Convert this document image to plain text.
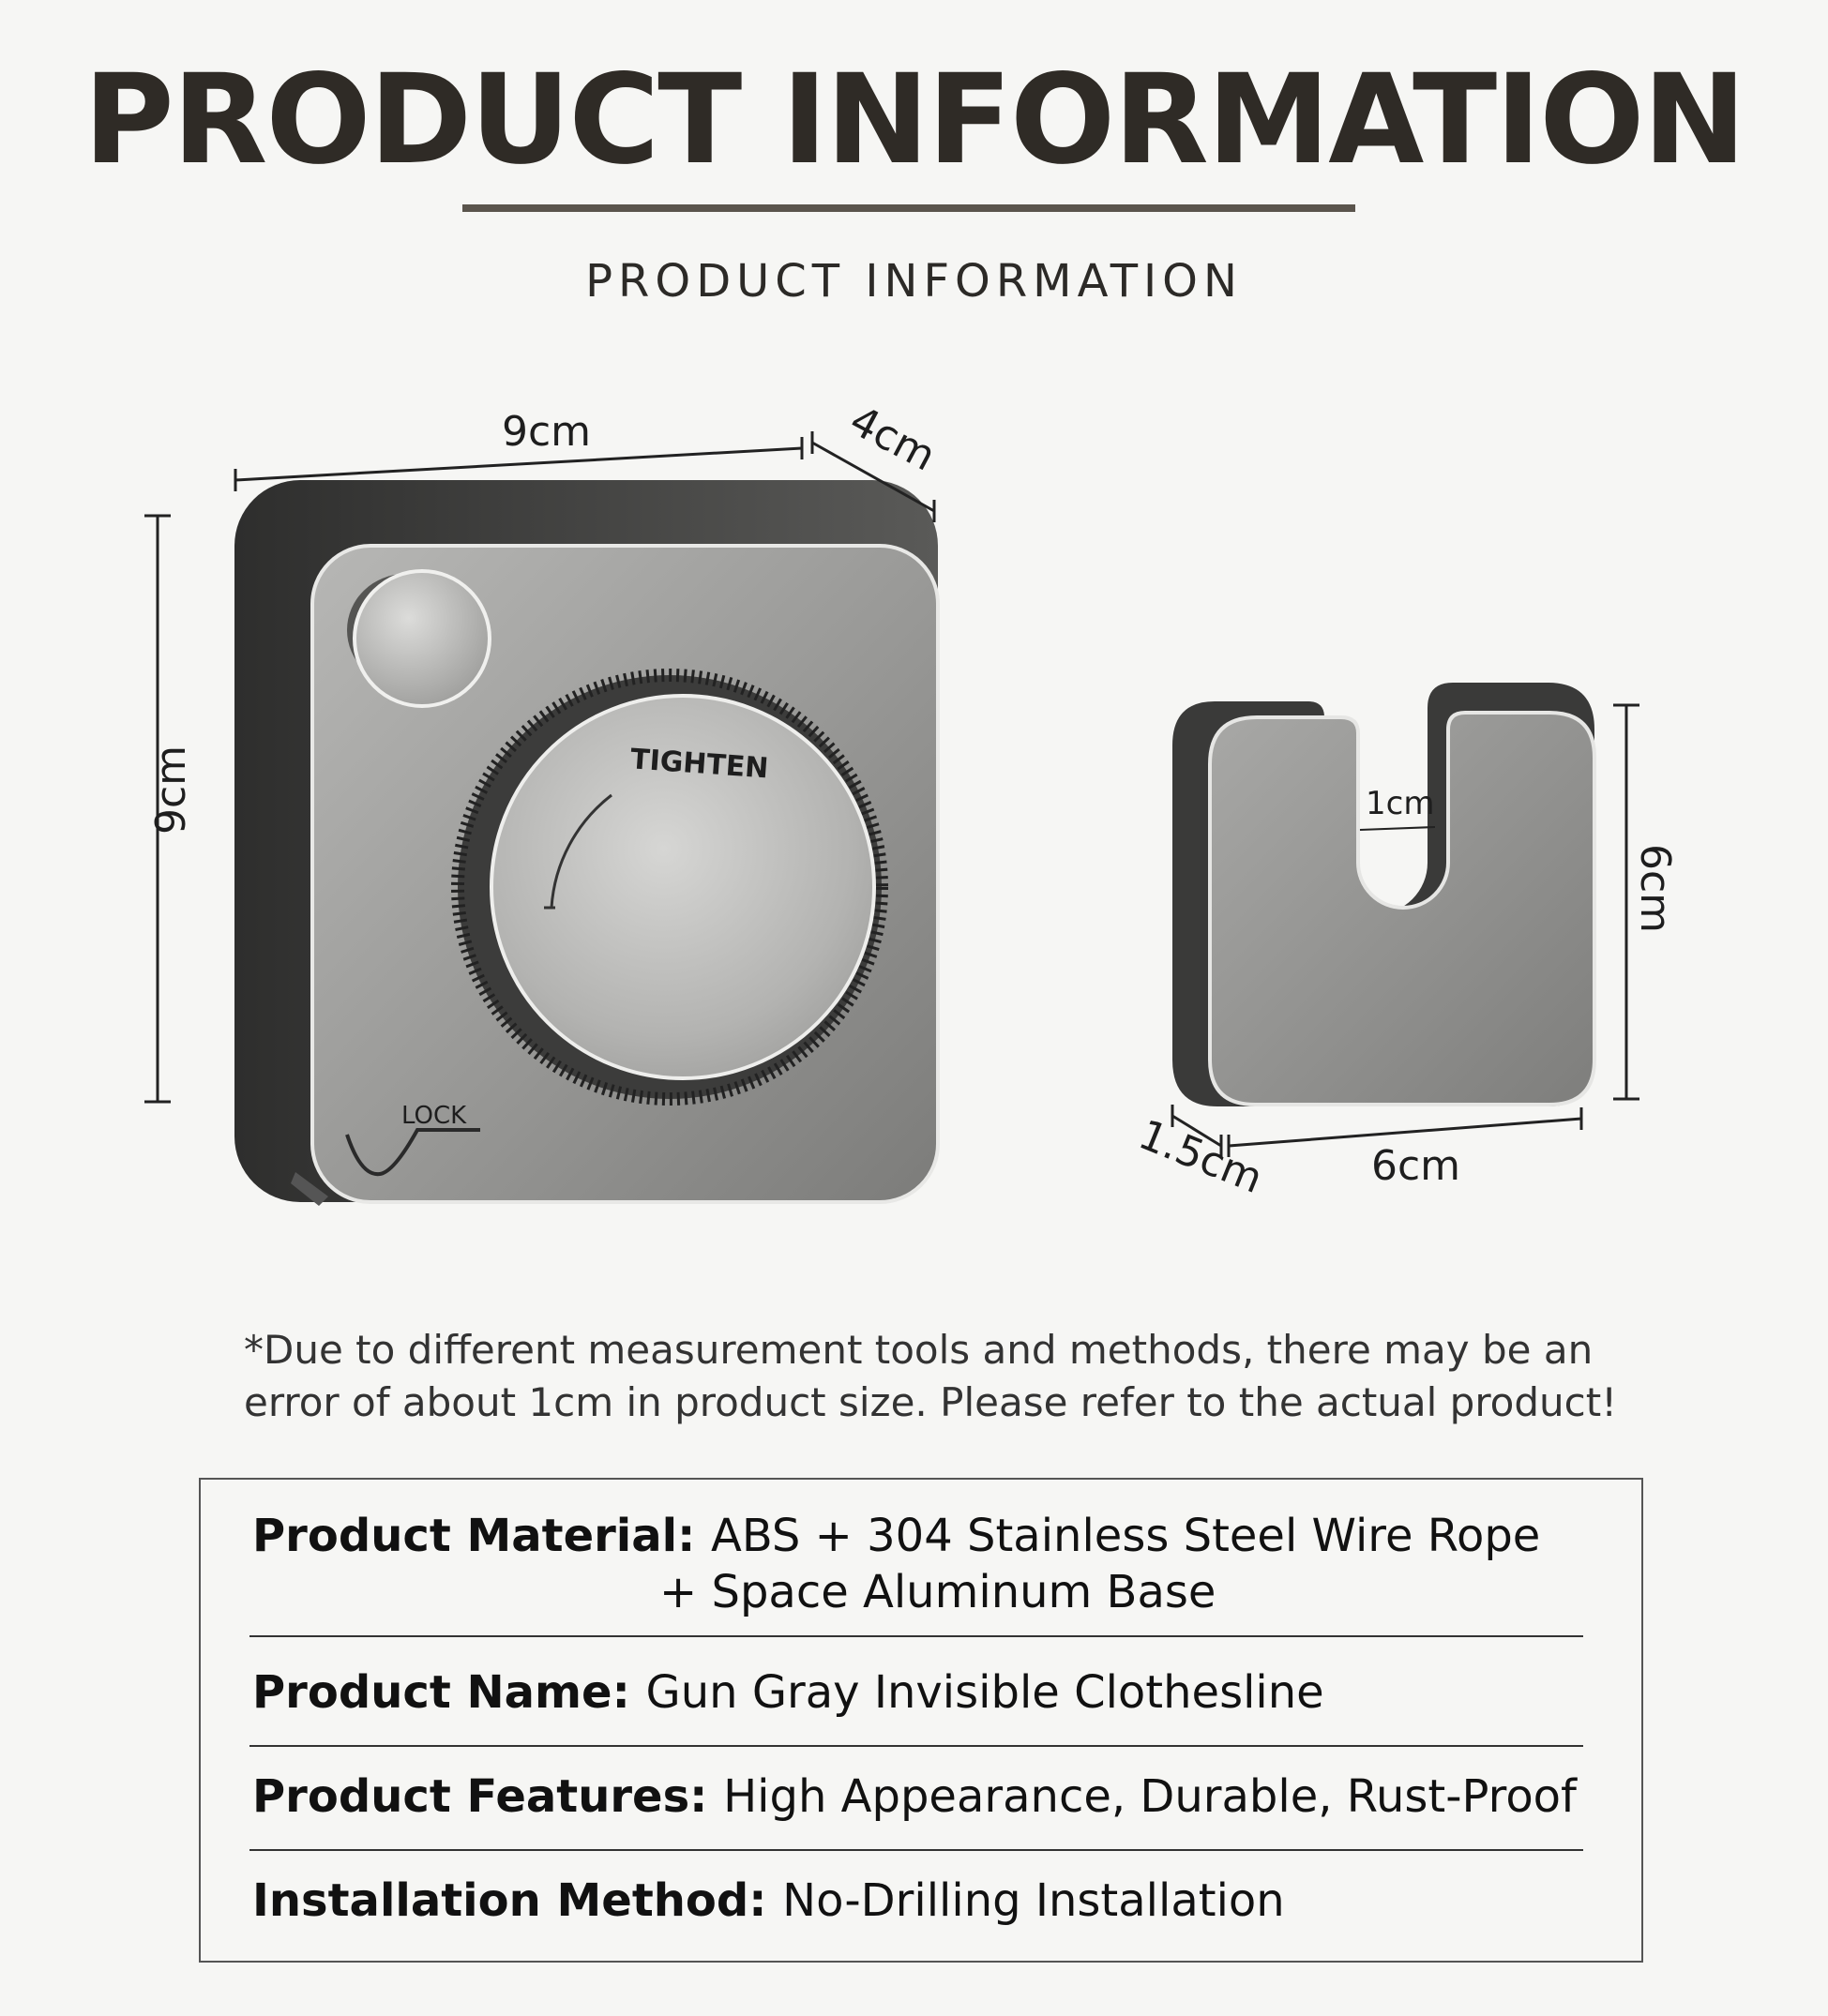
PRODUCT INFORMATION
PRODUCT INFORMATION
TIGHTEN
LOCK
9cm	4cm
9cm	1cm
6cm
6cm
1.5cm
*Due to different measurement tools and methods, there may be an
error of about 1cm in product size. Please refer to the actual product!
Product Material: ABS + 304 Stainless Steel Wire Rope
+ Space Aluminum Base
Product Name: Gun Gray Invisible Clothesline
Product Features: High Appearance, Durable, Rust-Proof
Installation Method: No-Drilling Installation
